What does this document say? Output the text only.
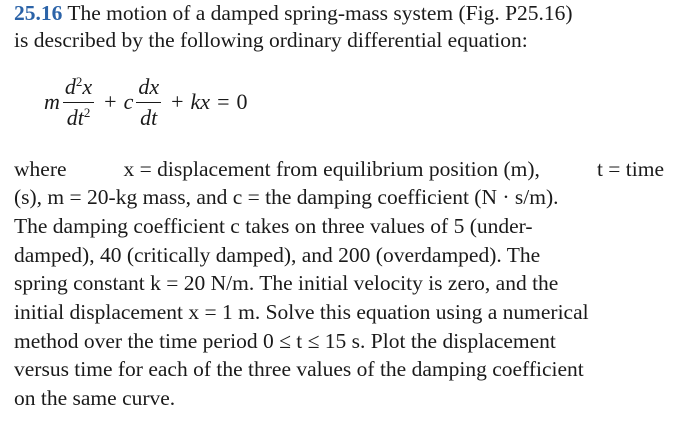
25.16 The motion of a damped spring-mass system (Fig. P25.16)
is described by the following ordinary differential equation:
m $\frac{d^2x}{dt^2} + c \frac{dx}{dt}$ + kx = 0
where	x = displacement from equilibrium position (m),	t = time
(s), m = 20-kg mass, and c = the damping coefficient (N · s/m).
The damping coefficient c takes on three values of 5 (under-
damped), 40 (critically damped), and 200 (overdamped). The
spring constant k = 20 N/m. The initial velocity is zero, and the
initial displacement x = 1 m. Solve this equation using a numerical
method over the time period 0 ≤ t ≤ 15 s. Plot the displacement
versus time for each of the three values of the damping coefficient
on the same curve.
